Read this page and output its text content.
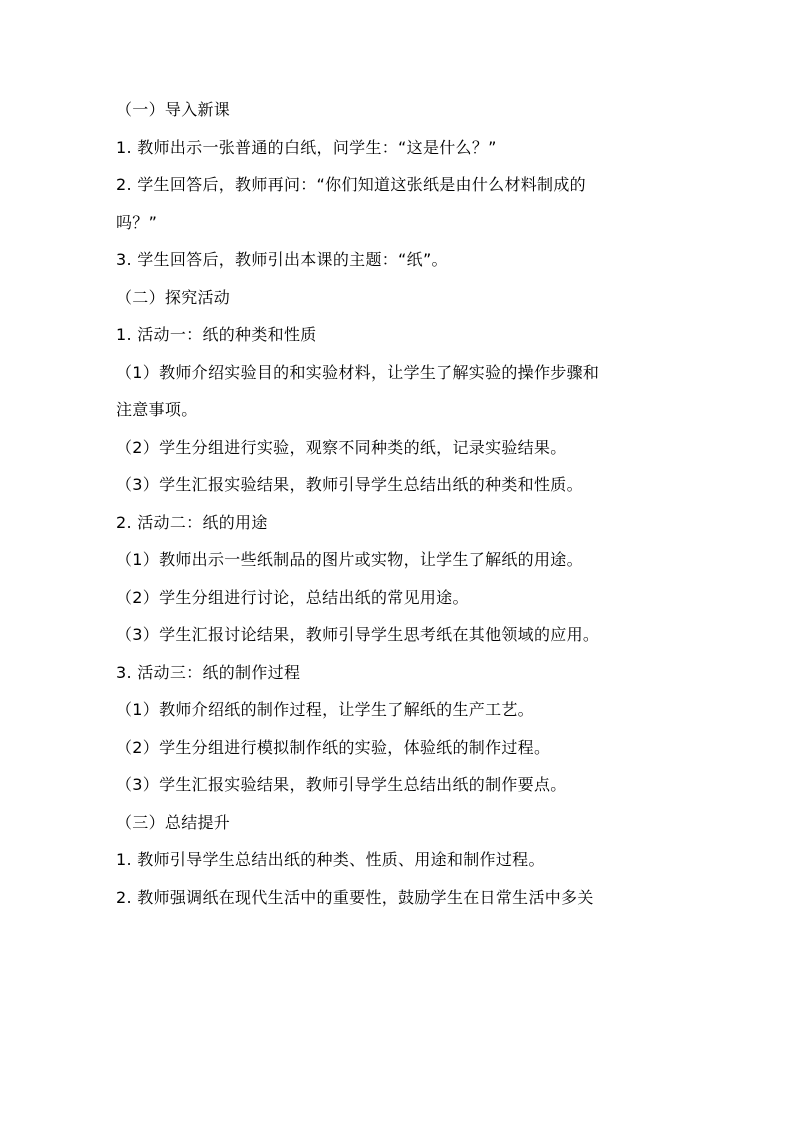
（一）导入新课
1. 教师出示一张普通的白纸，问学生：“这是什么？”
2. 学生回答后，教师再问：“你们知道这张纸是由什么材料制成的
吗？”
3. 学生回答后，教师引出本课的主题：“纸”。
（二）探究活动
1. 活动一：纸的种类和性质
（1）教师介绍实验目的和实验材料，让学生了解实验的操作步骤和
注意事项。
（2）学生分组进行实验，观察不同种类的纸，记录实验结果。
（3）学生汇报实验结果，教师引导学生总结出纸的种类和性质。
2. 活动二：纸的用途
（1）教师出示一些纸制品的图片或实物，让学生了解纸的用途。
（2）学生分组进行讨论，总结出纸的常见用途。
（3）学生汇报讨论结果，教师引导学生思考纸在其他领域的应用。
3. 活动三：纸的制作过程
（1）教师介绍纸的制作过程，让学生了解纸的生产工艺。
（2）学生分组进行模拟制作纸的实验，体验纸的制作过程。
（3）学生汇报实验结果，教师引导学生总结出纸的制作要点。
（三）总结提升
1. 教师引导学生总结出纸的种类、性质、用途和制作过程。
2. 教师强调纸在现代生活中的重要性，鼓励学生在日常生活中多关
